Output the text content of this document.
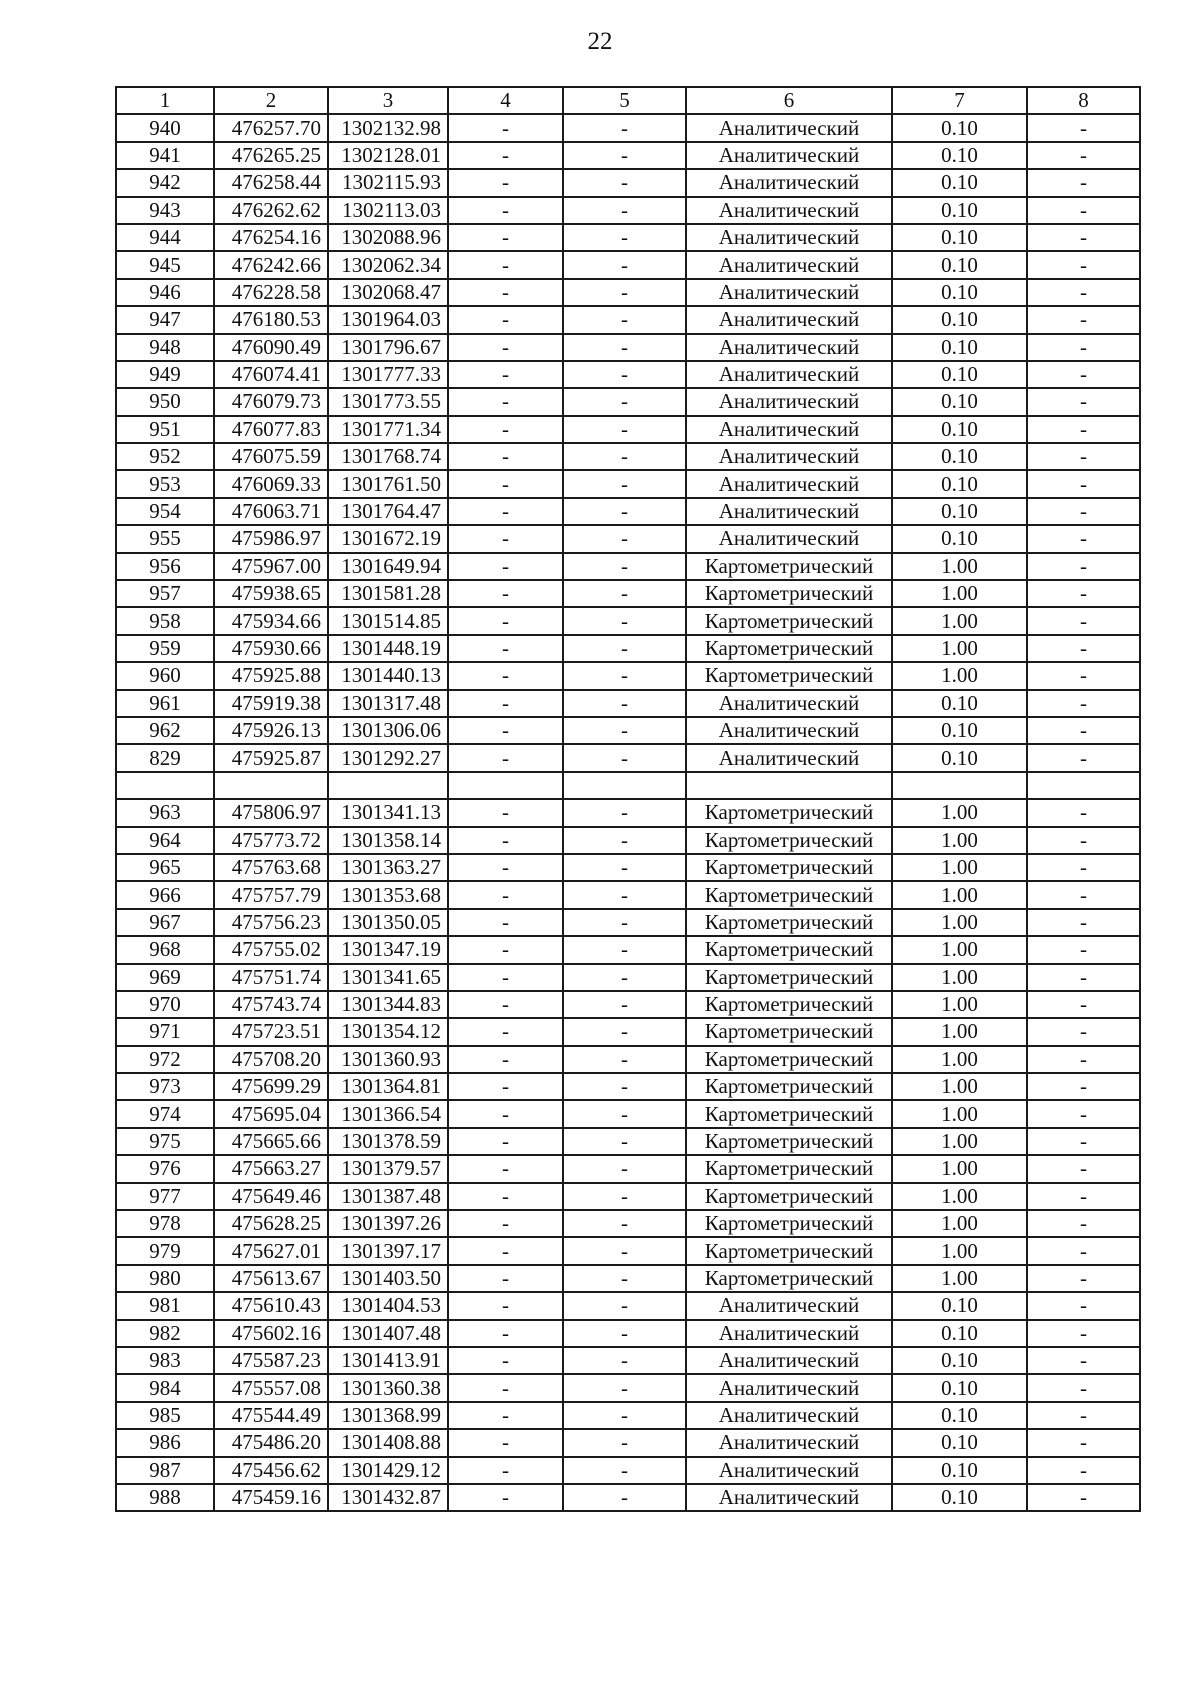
22
1	2	3	4	5	6	7	8
940	476257.70	1302132.98	-	-	Аналитический	0.10	-
941	476265.25	1302128.01	-	-	Аналитический	0.10	-
942	476258.44	1302115.93	-	-	Аналитический	0.10	-
943	476262.62	1302113.03	-	-	Аналитический	0.10	-
944	476254.16	1302088.96	-	-	Аналитический	0.10	-
945	476242.66	1302062.34	-	-	Аналитический	0.10	-
946	476228.58	1302068.47	-	-	Аналитический	0.10	-
947	476180.53	1301964.03	-	-	Аналитический	0.10	-
948	476090.49	1301796.67	-	-	Аналитический	0.10	-
949	476074.41	1301777.33	-	-	Аналитический	0.10	-
950	476079.73	1301773.55	-	-	Аналитический	0.10	-
951	476077.83	1301771.34	-	-	Аналитический	0.10	-
952	476075.59	1301768.74	-	-	Аналитический	0.10	-
953	476069.33	1301761.50	-	-	Аналитический	0.10	-
954	476063.71	1301764.47	-	-	Аналитический	0.10	-
955	475986.97	1301672.19	-	-	Аналитический	0.10	-
956	475967.00	1301649.94	-	-	Картометрический	1.00	-
957	475938.65	1301581.28	-	-	Картометрический	1.00	-
958	475934.66	1301514.85	-	-	Картометрический	1.00	-
959	475930.66	1301448.19	-	-	Картометрический	1.00	-
960	475925.88	1301440.13	-	-	Картометрический	1.00	-
961	475919.38	1301317.48	-	-	Аналитический	0.10	-
962	475926.13	1301306.06	-	-	Аналитический	0.10	-
829	475925.87	1301292.27	-	-	Аналитический	0.10	-

963	475806.97	1301341.13	-	-	Картометрический	1.00	-
964	475773.72	1301358.14	-	-	Картометрический	1.00	-
965	475763.68	1301363.27	-	-	Картометрический	1.00	-
966	475757.79	1301353.68	-	-	Картометрический	1.00	-
967	475756.23	1301350.05	-	-	Картометрический	1.00	-
968	475755.02	1301347.19	-	-	Картометрический	1.00	-
969	475751.74	1301341.65	-	-	Картометрический	1.00	-
970	475743.74	1301344.83	-	-	Картометрический	1.00	-
971	475723.51	1301354.12	-	-	Картометрический	1.00	-
972	475708.20	1301360.93	-	-	Картометрический	1.00	-
973	475699.29	1301364.81	-	-	Картометрический	1.00	-
974	475695.04	1301366.54	-	-	Картометрический	1.00	-
975	475665.66	1301378.59	-	-	Картометрический	1.00	-
976	475663.27	1301379.57	-	-	Картометрический	1.00	-
977	475649.46	1301387.48	-	-	Картометрический	1.00	-
978	475628.25	1301397.26	-	-	Картометрический	1.00	-
979	475627.01	1301397.17	-	-	Картометрический	1.00	-
980	475613.67	1301403.50	-	-	Картометрический	1.00	-
981	475610.43	1301404.53	-	-	Аналитический	0.10	-
982	475602.16	1301407.48	-	-	Аналитический	0.10	-
983	475587.23	1301413.91	-	-	Аналитический	0.10	-
984	475557.08	1301360.38	-	-	Аналитический	0.10	-
985	475544.49	1301368.99	-	-	Аналитический	0.10	-
986	475486.20	1301408.88	-	-	Аналитический	0.10	-
987	475456.62	1301429.12	-	-	Аналитический	0.10	-
988	475459.16	1301432.87	-	-	Аналитический	0.10	-
